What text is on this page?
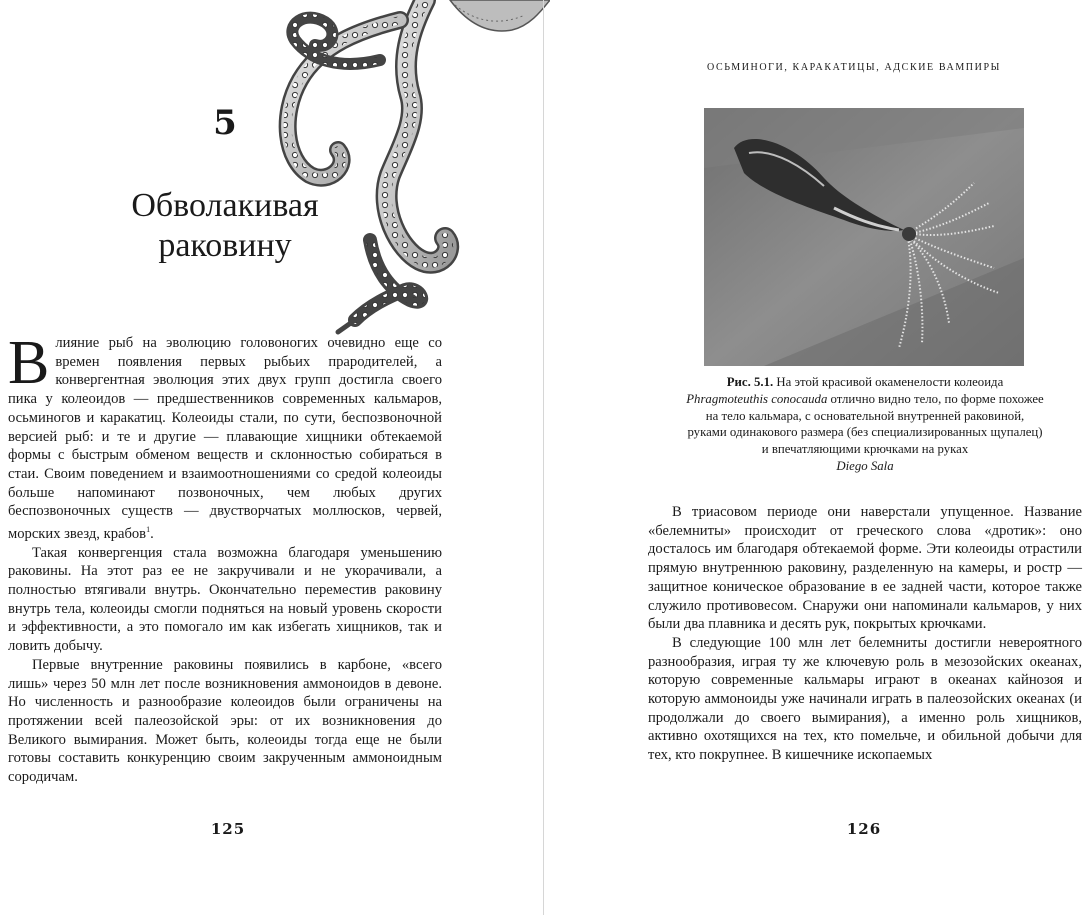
5
Обволакивая
раковину

Влияние рыб на эволюцию головоногих очевидно еще со времен появления первых рыбьих прародителей, а конвергентная эволюция этих двух групп достигла своего пика у колеоидов — предшественников современных кальмаров, осьминогов и каракатиц. Колеоиды стали, по сути, беспозвоночной версией рыб: и те и другие — плавающие хищники обтекаемой формы с быстрым обменом веществ и склонностью собираться в стаи. Своим поведением и взаимоотношениями со средой колеоиды больше напоминают позвоночных, чем любых других беспозвоночных существ — двустворчатых моллюсков, червей, морских звезд, крабов$^1$.

Такая конвергенция стала возможна благодаря уменьшению раковины. На этот раз ее не закручивали и не укорачивали, а полностью втягивали внутрь. Окончательно переместив раковину внутрь тела, колеоиды смогли подняться на новый уровень скорости и эффективности, а это помогало им как избегать хищников, так и ловить добычу.

Первые внутренние раковины появились в карбоне, «всего лишь» через 50 млн лет после возникновения аммоноидов в девоне. Но численность и разнообразие колеоидов были ограничены на протяжении всей палеозойской эры: от их возникновения до Великого вымирания. Может быть, колеоиды тогда еще не были готовы составить конкуренцию своим закрученным аммоноидным сородичам.

125
ОСЬМИНОГИ, КАРАКАТИЦЫ, АДСКИЕ ВАМПИРЫ
Рис. 5.1. На этой красивой окаменелости колеоида
Phragmoteuthis conocauda отлично видно тело, по форме похожее
на тело кальмара, с основательной внутренней раковиной,
руками одинакового размера (без специализированных щупалец)
и впечатляющими крючками на руках
Diego Sala

В триасовом периоде они наверстали упущенное. Название «белемниты» происходит от греческого слова «дротик»: оно досталось им благодаря обтекаемой форме. Эти колеоиды отрастили прямую внутреннюю раковину, разделенную на камеры, и ростр — защитное коническое образование в ее задней части, которое также служило противовесом. Снаружи они напоминали кальмаров, у них были два плавника и десять рук, покрытых крючками.

В следующие 100 млн лет белемниты достигли невероятного разнообразия, играя ту же ключевую роль в мезозойских океанах, которую современные кальмары играют в океанах кайнозоя и которую аммоноиды уже начинали играть в палеозойских океанах (и продолжали до своего вымирания), а именно роль хищников, активно охотящихся на тех, кто помельче, и обильной добычи для тех, кто покрупнее. В кишечнике ископаемых

126
